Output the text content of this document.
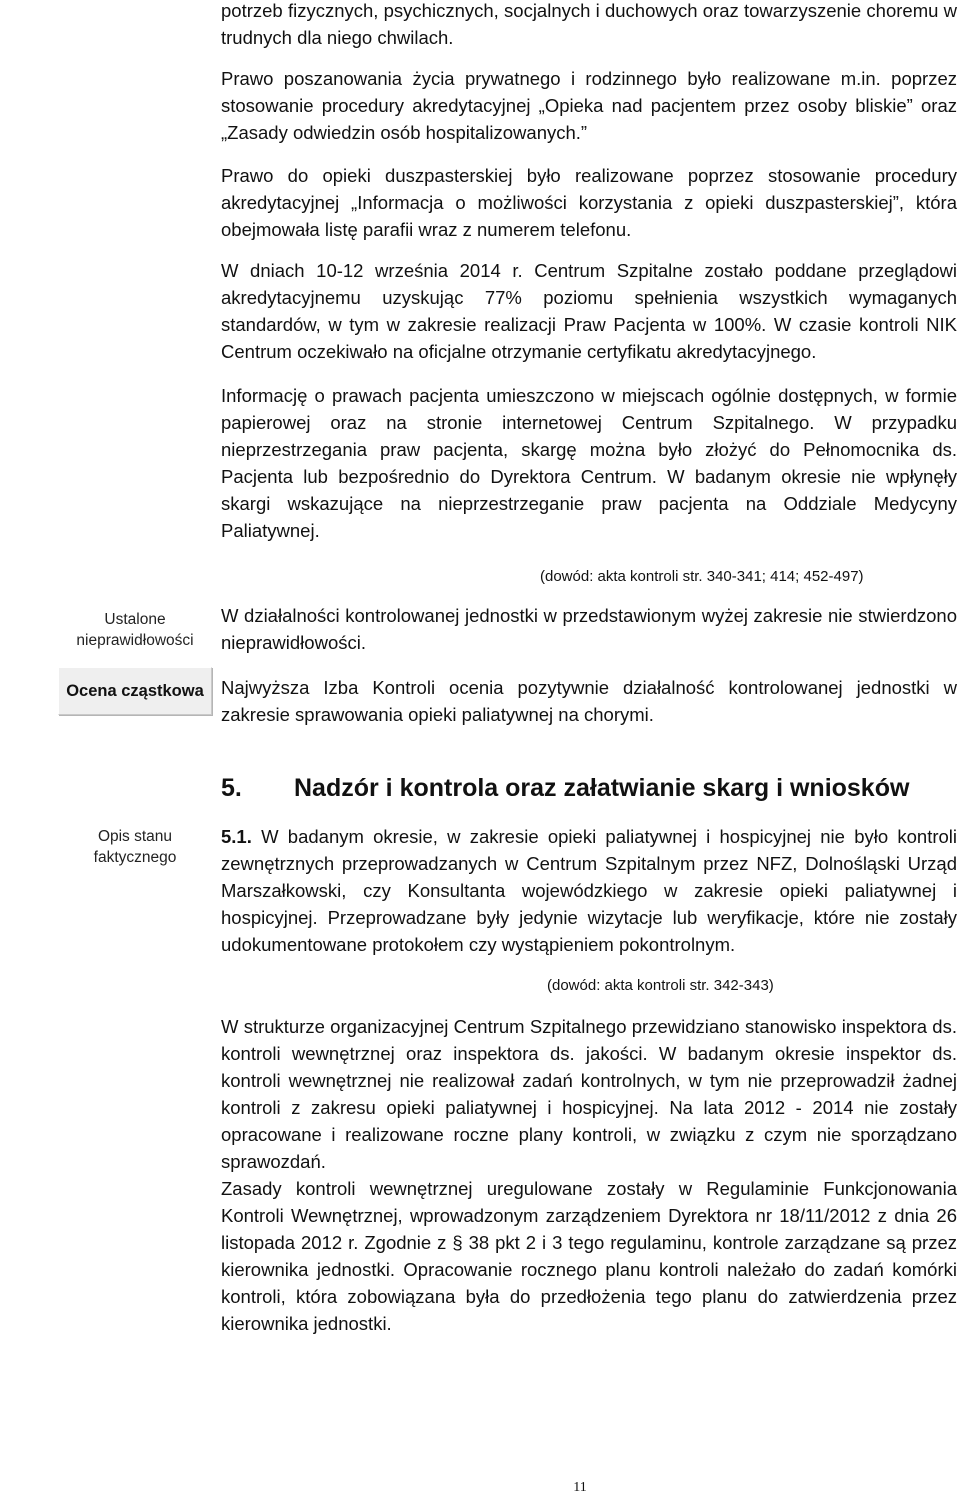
potrzeb fizycznych, psychicznych, socjalnych i duchowych oraz towarzyszenie choremu w trudnych dla niego chwilach.

Prawo poszanowania życia prywatnego i rodzinnego było realizowane m.in. poprzez stosowanie procedury akredytacyjnej „Opieka nad pacjentem przez osoby bliskie” oraz „Zasady odwiedzin osób hospitalizowanych.”

Prawo do opieki duszpasterskiej było realizowane poprzez stosowanie procedury akredytacyjnej „Informacja o możliwości korzystania z opieki duszpasterskiej”, która obejmowała listę parafii wraz z numerem telefonu.

W dniach 10-12 września 2014 r. Centrum Szpitalne zostało poddane przeglądowi akredytacyjnemu uzyskując 77% poziomu spełnienia wszystkich wymaganych standardów, w tym w zakresie realizacji Praw Pacjenta w 100%. W czasie kontroli NIK Centrum oczekiwało na oficjalne otrzymanie certyfikatu akredytacyjnego.

Informację o prawach pacjenta umieszczono w miejscach ogólnie dostępnych, w formie papierowej oraz na stronie internetowej Centrum Szpitalnego. W przypadku nieprzestrzegania praw pacjenta, skargę można było złożyć do Pełnomocnika ds. Pacjenta lub bezpośrednio do Dyrektora Centrum. W badanym okresie nie wpłynęły skargi wskazujące na nieprzestrzeganie praw pacjenta na Oddziale Medycyny Paliatywnej.

(dowód: akta kontroli str. 340-341; 414; 452-497)

Ustalone nieprawidłowości

W działalności kontrolowanej jednostki w przedstawionym wyżej zakresie nie stwierdzono nieprawidłowości.

Ocena cząstkowa Najwyższa Izba Kontroli ocenia pozytywnie działalność kontrolowanej jednostki w zakresie sprawowania opieki paliatywnej na chorymi.

5. Nadzór i kontrola oraz załatwianie skarg i wniosków
Opis stanu faktycznego

5.1. W badanym okresie, w zakresie opieki paliatywnej i hospicyjnej nie było kontroli zewnętrznych przeprowadzanych w Centrum Szpitalnym przez NFZ, Dolnośląski Urząd Marszałkowski, czy Konsultanta wojewódzkiego w zakresie opieki paliatywnej i hospicyjnej. Przeprowadzane były jedynie wizytacje lub weryfikacje, które nie zostały udokumentowane protokołem czy wystąpieniem pokontrolnym.

(dowód: akta kontroli str. 342-343)

W strukturze organizacyjnej Centrum Szpitalnego przewidziano stanowisko inspektora ds. kontroli wewnętrznej oraz inspektora ds. jakości. W badanym okresie inspektor ds. kontroli wewnętrznej nie realizował zadań kontrolnych, w tym nie przeprowadził żadnej kontroli z zakresu opieki paliatywnej i hospicyjnej. Na lata 2012 - 2014 nie zostały opracowane i realizowane roczne plany kontroli, w związku z czym nie sporządzano sprawozdań.

Zasady kontroli wewnętrznej uregulowane zostały w Regulaminie Funkcjonowania Kontroli Wewnętrznej, wprowadzonym zarządzeniem Dyrektora nr 18/11/2012 z dnia 26 listopada 2012 r. Zgodnie z § 38 pkt 2 i 3 tego regulaminu, kontrole zarządzane są przez kierownika jednostki. Opracowanie rocznego planu kontroli należało do zadań komórki kontroli, która zobowiązana była do przedłożenia tego planu do zatwierdzenia przez kierownika jednostki.

11
